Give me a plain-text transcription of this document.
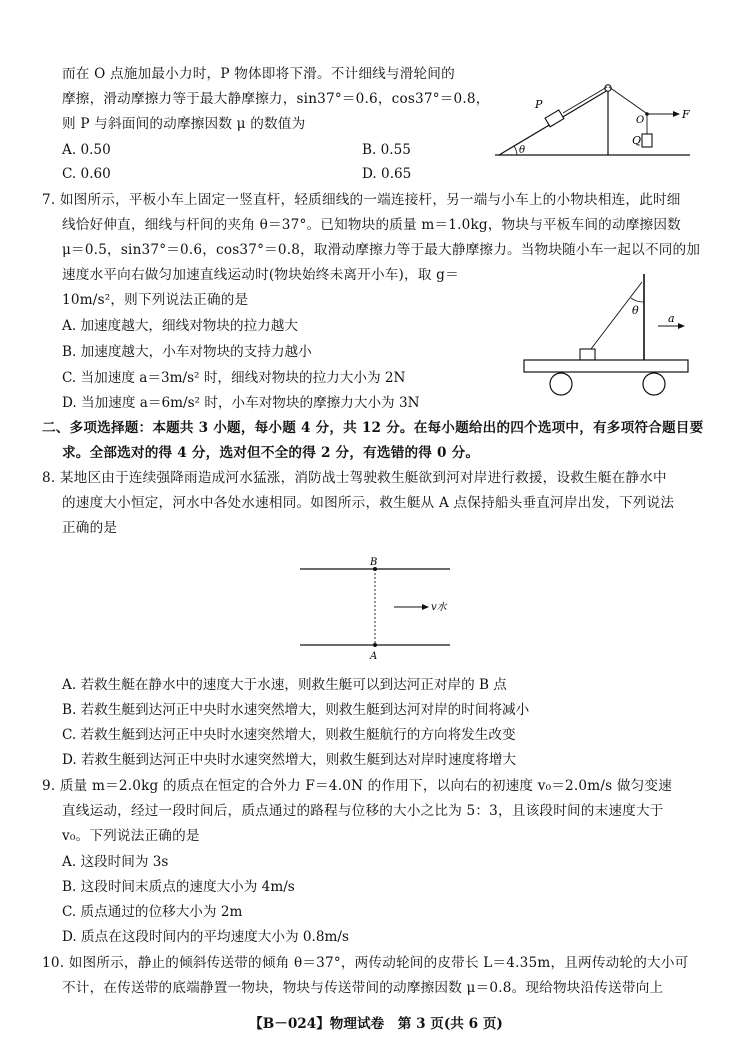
而在 O 点施加最小力时，P 物体即将下滑。不计细线与滑轮间的
摩擦，滑动摩擦力等于最大静摩擦力，sin37°＝0.6，cos37°＝0.8，
则 P 与斜面间的动摩擦因数 μ 的数值为
A. 0.50	B. 0.55
C. 0.60	D. 0.65
P
O
Q
F
θ
7. 如图所示，平板小车上固定一竖直杆，轻质细线的一端连接杆，另一端与小车上的小物块相连，此时细
线恰好伸直，细线与杆间的夹角 θ＝37°。已知物块的质量 m＝1.0kg，物块与平板车间的动摩擦因数
μ＝0.5，sin37°＝0.6，cos37°＝0.8，取滑动摩擦力等于最大静摩擦力。当物块随小车一起以不同的加
速度水平向右做匀加速直线运动时(物块始终未离开小车)，取 g＝
10m/s²，则下列说法正确的是
A. 加速度越大，细线对物块的拉力越大
B. 加速度越大，小车对物块的支持力越小
C. 当加速度 a＝3m/s² 时，细线对物块的拉力大小为 2N
D. 当加速度 a＝6m/s² 时，小车对物块的摩擦力大小为 3N
θ
a
二、多项选择题：本题共 3 小题，每小题 4 分，共 12 分。在每小题给出的四个选项中，有多项符合题目要
求。全部选对的得 4 分，选对但不全的得 2 分，有选错的得 0 分。
8. 某地区由于连续强降雨造成河水猛涨，消防战士驾驶救生艇欲到河对岸进行救援，设救生艇在静水中
的速度大小恒定，河水中各处水速相同。如图所示，救生艇从 A 点保持船头垂直河岸出发，下列说法
正确的是
B
A
v水
A. 若救生艇在静水中的速度大于水速，则救生艇可以到达河正对岸的 B 点
B. 若救生艇到达河正中央时水速突然增大，则救生艇到达河对岸的时间将减小
C. 若救生艇到达河正中央时水速突然增大，则救生艇航行的方向将发生改变
D. 若救生艇到达河正中央时水速突然增大，则救生艇到达对岸时速度将增大
9. 质量 m＝2.0kg 的质点在恒定的合外力 F＝4.0N 的作用下，以向右的初速度 v₀＝2.0m/s 做匀变速
直线运动，经过一段时间后，质点通过的路程与位移的大小之比为 5：3，且该段时间的末速度大于
v₀。下列说法正确的是
A. 这段时间为 3s
B. 这段时间末质点的速度大小为 4m/s
C. 质点通过的位移大小为 2m
D. 质点在这段时间内的平均速度大小为 0.8m/s
10. 如图所示，静止的倾斜传送带的倾角 θ＝37°，两传动轮间的皮带长 L＝4.35m，且两传动轮的大小可
不计，在传送带的底端静置一物块，物块与传送带间的动摩擦因数 μ＝0.8。现给物块沿传送带向上
【B－024】物理试卷　第 3 页(共 6 页)
